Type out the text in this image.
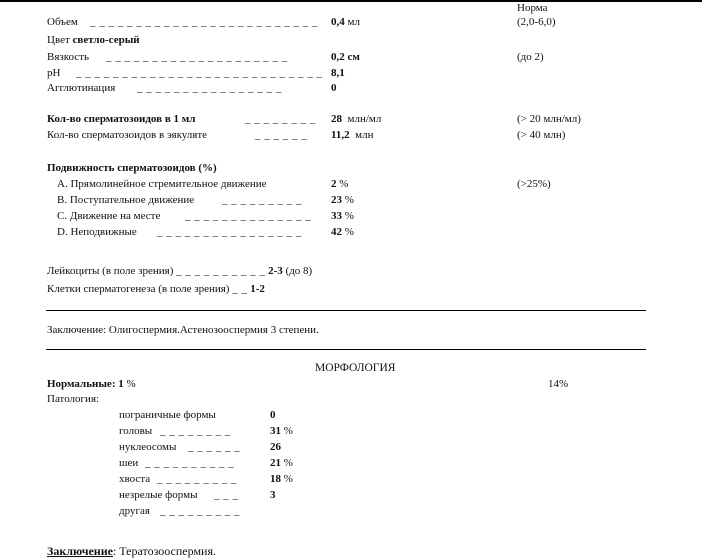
Норма
Объем _ _ _ _ _ _ _ _ _ _ _ _ _ _ _ _ _ _ _ _ _ _ _ _ _ 0,4 мл	(2,0-6,0)
Цвет светло-серый
Вязкость _ _ _ _ _ _ _ _ _ _ _ _ _ _ _ _ _ _ _ _	0,2 см	(до 2)
pH _ _ _ _ _ _ _ _ _ _ _ _ _ _ _ _ _ _ _ _ _ _ _ _ _ _ _ 8,1
Агглютинация _ _ _ _ _ _ _ _ _ _ _ _ _ _ _ _	0
Кол-во сперматозоидов в 1 мл	_ _ _ _ _ _ _ _ 28 млн/мл	(> 20 млн/мл)
Кол-во сперматозоидов в эякуляте	_ _ _ _ _ _ 11,2 млн	(> 40 млн)
Подвижность сперматозоидов (%)
A. Прямолинейное стремительное движение	2 %	(>25%)
B. Поступательное движение	_ _ _ _ _ _ _ _ _	23 %
C. Движение на месте _ _ _ _ _ _ _ _ _ _ _ _ _ _ 33 %
D. Неподвижные _ _ _ _ _ _ _ _ _ _ _ _ _ _ _ _	42 %
Лейкоциты (в поле зрения) _ _ _ _ _ _ _ _ _ _ 2-3 (до 8)
Клетки сперматогенеза (в поле зрения) _ _ 1-2
Заключение: Олигоспермия.Астенозооспермия 3 степени.
МОРФОЛОГИЯ
Нормальные: 1 %	14%
Патология:
пограничные формы	0
головы _ _ _ _ _ _ _ _	31 %
нуклеосомы _ _ _ _ _ _	26
шеи _ _ _ _ _ _ _ _ _ _	21 %
хвоста _ _ _ _ _ _ _ _ _	18 %
незрелые формы _ _ _	3
другая _ _ _ _ _ _ _ _ _
Заключение: Тератозооспермия.
